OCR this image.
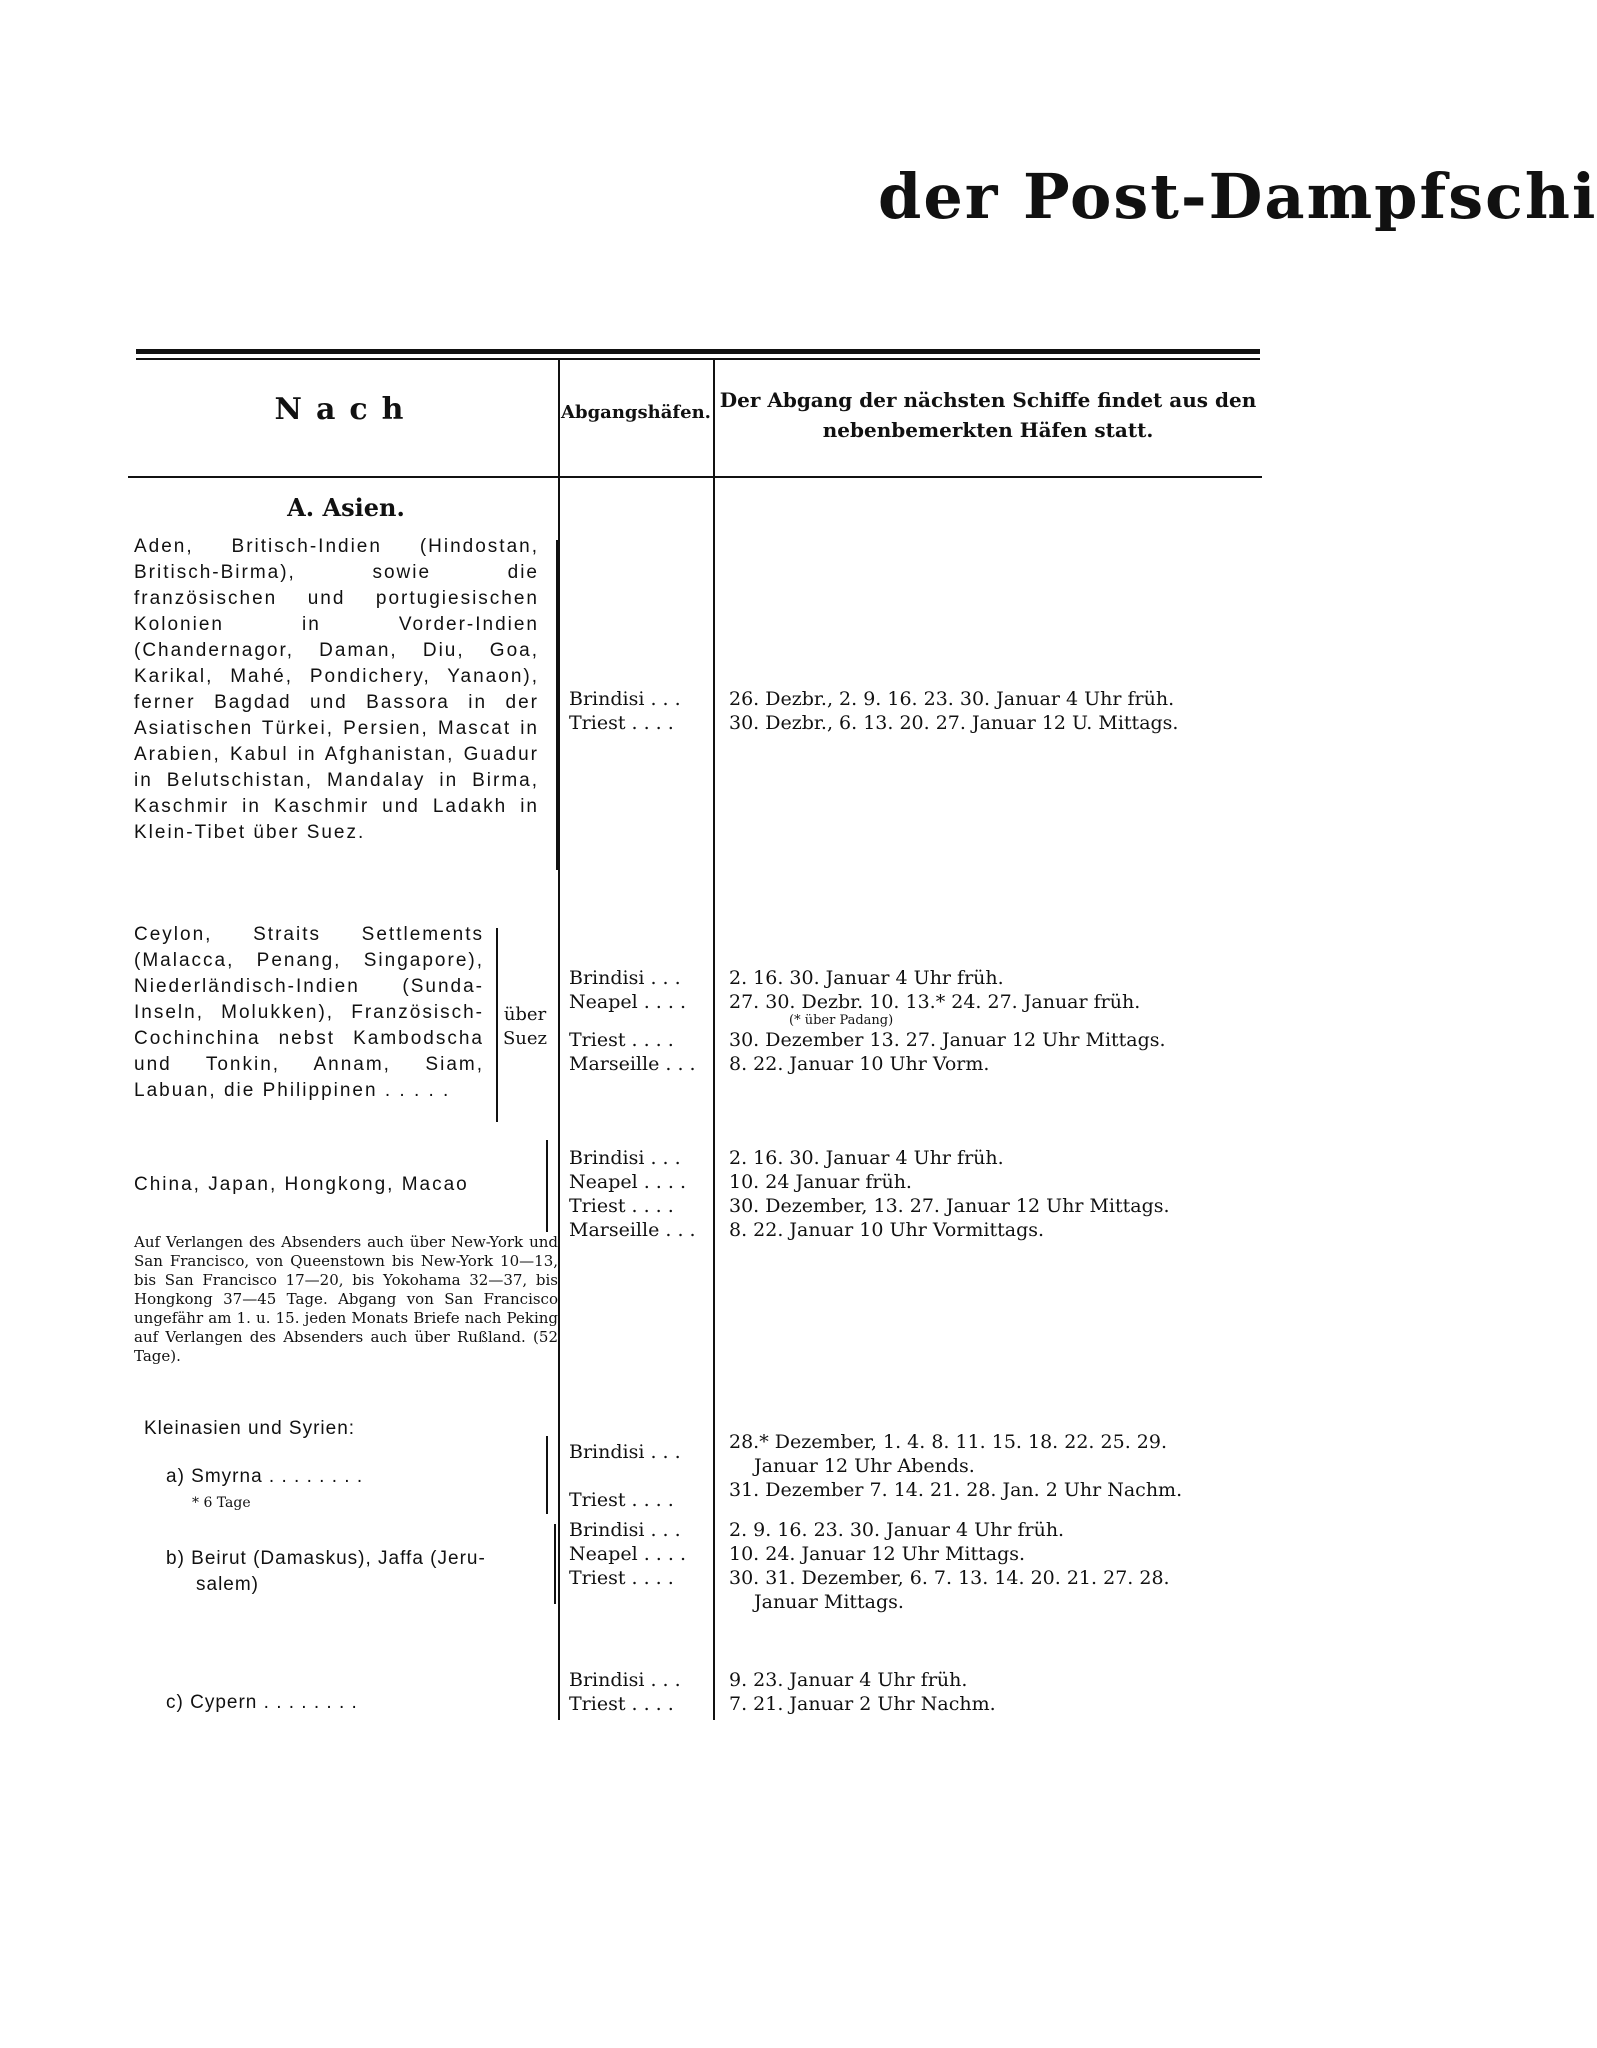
der Post-Dampfschi
Nach	Abgangshäfen.
Der Abgang der nächsten Schiffe findet aus den nebenbemerkten Häfen statt.
A. Asien.
Aden, Britisch-Indien (Hindostan, Britisch-Birma), sowie die französischen und portugiesischen Kolonien in Vorder-Indien (Chandernagor, Daman, Diu, Goa, Karikal, Mahé, Pondichery, Yanaon), ferner Bagdad und Bassora in der Asiatischen Türkei, Persien, Mascat in Arabien, Kabul in Afghanistan, Guadur in Belutschistan, Mandalay in Birma, Kaschmir in Kaschmir und Ladakh in Klein-Tibet über Suez.
Brindisi . . .
Triest . . . .
26. Dezbr., 2. 9. 16. 23. 30. Januar 4 Uhr früh.
30. Dezbr., 6. 13. 20. 27. Januar 12 U. Mittags.
Ceylon, Straits Settlements (Malacca, Penang, Singapore), Niederländisch-Indien (Sunda-Inseln, Molukken), Französisch-Cochinchina nebst Kambodscha und Tonkin, Annam, Siam, Labuan, die Philippinen . . . . .
über Suez
Brindisi . . .
Neapel . . . .
Triest . . . .
Marseille . . .
2. 16. 30. Januar 4 Uhr früh.
27. 30. Dezbr. 10. 13.* 24. 27. Januar früh.
(* über Padang)
30. Dezember 13. 27. Januar 12 Uhr Mittags.
8. 22. Januar 10 Uhr Vorm.
China, Japan, Hongkong, Macao
Auf Verlangen des Absenders auch über New-York und San Francisco, von Queenstown bis New-York 10—13, bis San Francisco 17—20, bis Yokohama 32—37, bis Hongkong 37—45 Tage. Abgang von San Francisco ungefähr am 1. u. 15. jeden Monats Briefe nach Peking auf Verlangen des Absenders auch über Rußland. (52 Tage).
Brindisi . . .
Neapel . . . .
Triest . . . .
Marseille . . .
2. 16. 30. Januar 4 Uhr früh.
10. 24 Januar früh.
30. Dezember, 13. 27. Januar 12 Uhr Mittags.
8. 22. Januar 10 Uhr Vormittags.
Kleinasien und Syrien:
a) Smyrna . . . . . . . .
* 6 Tage
Brindisi . . .
Triest . . . .
28.* Dezember, 1. 4. 8. 11. 15. 18. 22. 25. 29.
Januar 12 Uhr Abends.
31. Dezember 7. 14. 21. 28. Jan. 2 Uhr Nachm.
b) Beirut (Damaskus), Jaffa (Jeru-
salem)
Brindisi . . .
Neapel . . . .
Triest . . . .
2. 9. 16. 23. 30. Januar 4 Uhr früh.
10. 24. Januar 12 Uhr Mittags.
30. 31. Dezember, 6. 7. 13. 14. 20. 21. 27. 28.
Januar Mittags.
c) Cypern . . . . . . . .
Brindisi . . .
Triest . . . .
9. 23. Januar 4 Uhr früh.
7. 21. Januar 2 Uhr Nachm.
